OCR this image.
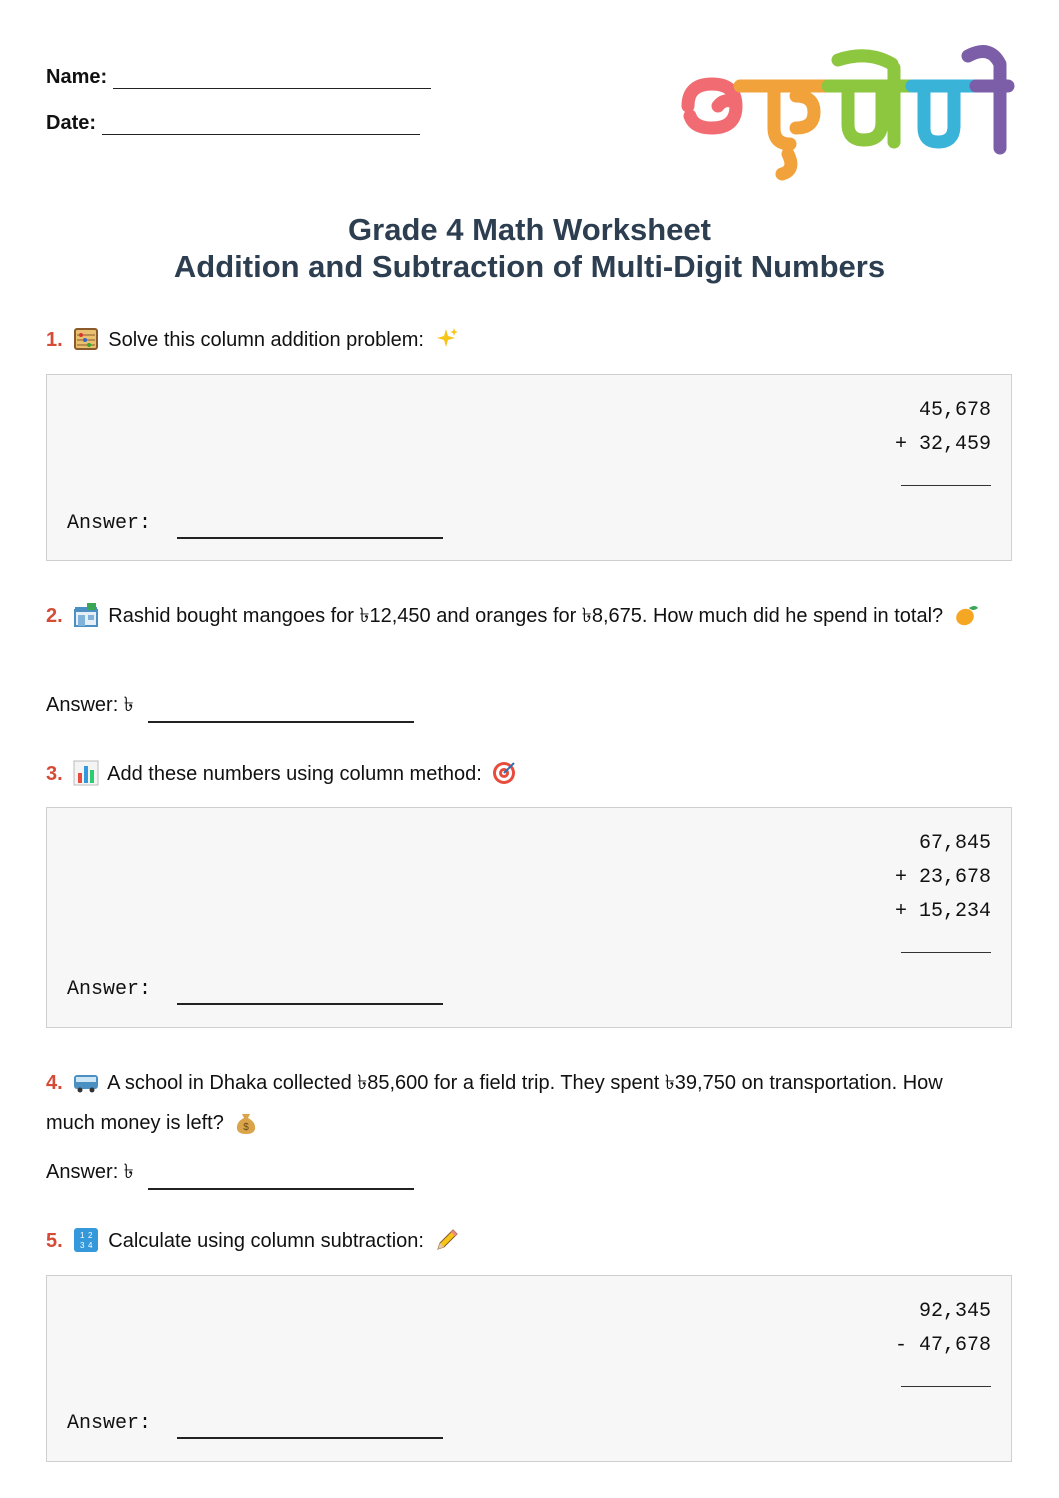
Name:
Date:
Grade 4 Math Worksheet
Addition and Subtraction of Multi-Digit Numbers
1. Solve this column addition problem:
45,678
+ 32,459
Answer:
2. Rashid bought mangoes for ৳12,450 and oranges for ৳8,675. How much did he spend in total?
Answer: ৳
3. Add these numbers using column method:
67,845
+ 23,678
+ 15,234
Answer:
4. A school in Dhaka collected ৳85,600 for a field trip. They spent ৳39,750 on transportation. How much money is left? $
Answer: ৳
5. 1 2
3 4 Calculate using column subtraction:
92,345
- 47,678
Answer:
